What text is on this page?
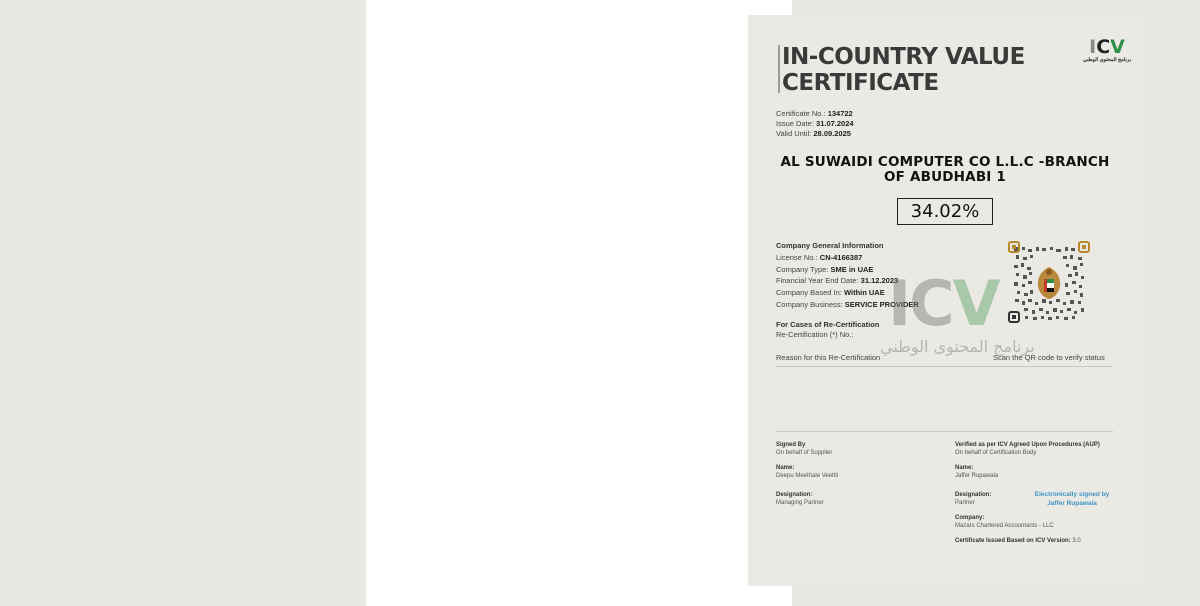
IN-COUNTRY VALUE
CERTIFICATE
ICV
برنامج المحتوى الوطني
Certificate No.: 134722
Issue Date: 31.07.2024
Valid Until: 28.09.2025
AL SUWAIDI COMPUTER CO L.L.C -BRANCH
OF ABUDHABI 1
34.02%
Company General Information
License No.: CN-4166387
Company Type: SME in UAE
Financial Year End Date: 31.12.2023
Company Based In: Within UAE
Company Business: SERVICE PROVIDER
For Cases of Re-Certification
Re-Certification (*) No.:
Reason for this Re-Certification	Scan the QR code to verify status
ICV
برنامج المحتوى الوطني
Signed By
On behalf of Supplier
Name:
Deepu Meethale Veettil
Designation:
Managing Partner
Verified as per ICV Agreed Upon Procedures (AUP)
On behalf of Certification Body
Name:
Jaffer Rupawala
Designation:
Partner
Company:
Mazars Chartered Accountants - LLC
Certificate Issued Based on ICV Version: 3.0
Electronically signed by
Jaffer Rupawala
